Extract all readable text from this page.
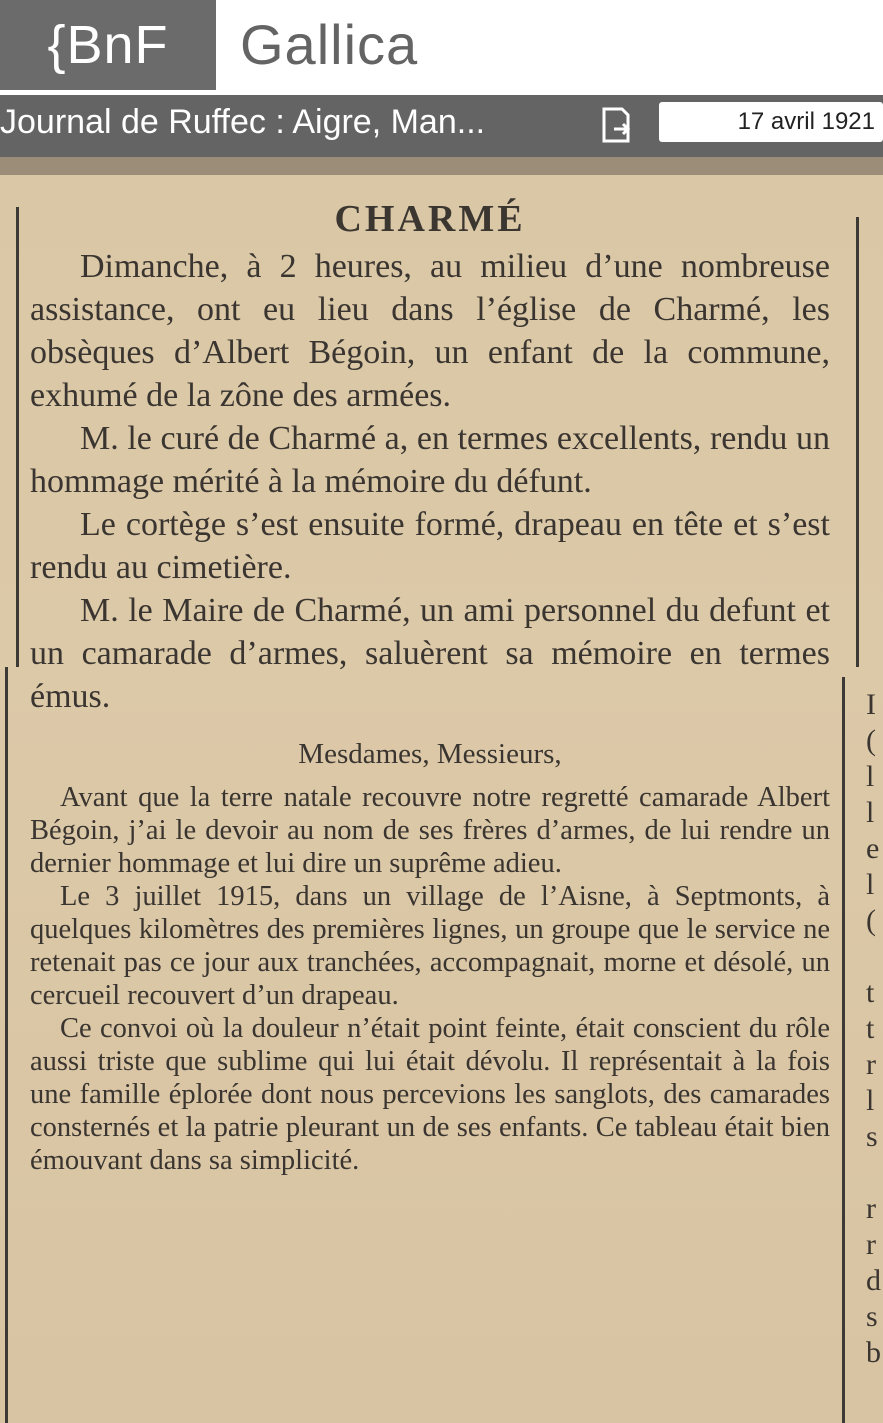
{BnF Gallica
Journal de Ruffec : Aigre, Man...	17 avril 1921
CHARMÉ

Dimanche, à 2 heures, au milieu d’une nombreuse assistance, ont eu lieu dans l’église de Charmé, les obsèques d’Albert Bégoin, un enfant de la commune, exhumé de la zône des armées.

M. le curé de Charmé a, en termes excellents, rendu un hommage mérité à la mémoire du défunt.

Le cortège s’est ensuite formé, drapeau en tête et s’est rendu au cimetière.

M. le Maire de Charmé, un ami personnel du defunt et un camarade d’armes, saluèrent sa mémoire en termes émus.

Mesdames, Messieurs,

Avant que la terre natale recouvre notre regretté camarade Albert Bégoin, j’ai le devoir au nom de ses frères d’armes, de lui rendre un dernier hommage et lui dire un suprême adieu.

Le 3 juillet 1915, dans un village de l’Aisne, à Septmonts, à quelques kilomètres des premières lignes, un groupe que le service ne retenait pas ce jour aux tranchées, accompagnait, morne et désolé, un cercueil recouvert d’un drapeau.

Ce convoi où la douleur n’était point feinte, était conscient du rôle aussi triste que sublime qui lui était dévolu. Il représentait à la fois une famille éplorée dont nous percevions les sanglots, des camarades consternés et la patrie pleurant un de ses enfants. Ce tableau était bien émouvant dans sa simplicité.

I
(
l
l
e
l
(

t
t
r
l
s

r
r
d
s
b
